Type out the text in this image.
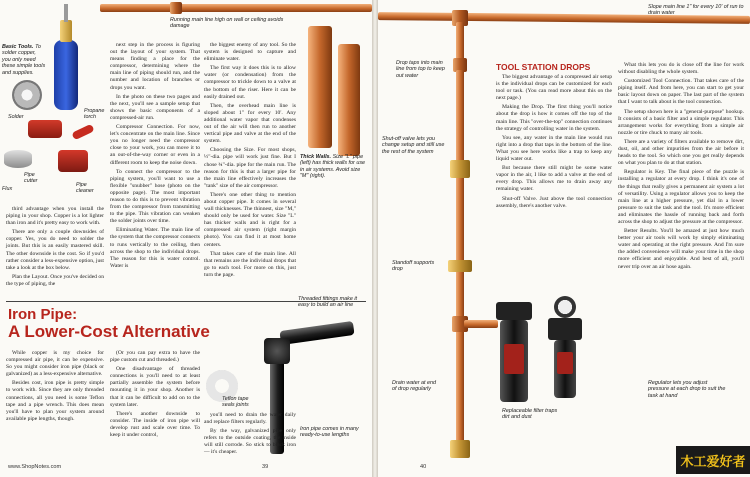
Basic Tools. To solder copper, you only need these simple tools and supplies.
Solder
Propane torch
Pipe cutter
Flux
Pipe cleaner
Running main line high on wall or ceiling avoids damage
Thick Walls. Size "L" pipe (left) has thick walls for use in air systems. Avoid size "M" (right).

third advantage when you install the piping in your shop. Copper is a lot lighter than iron and it's pretty easy to work with.

There are only a couple downsides of copper. Yes, you do need to solder the joints. But this is an easily mastered skill. The other downside is the cost. So if you'd rather consider a less-expensive option, just take a look at the box below.

Plan the Layout. Once you've decided on the type of piping, the

next step in the process is figuring out the layout of your system. That means finding a place for the compressor, determining where the main line of piping should run, and the number and location of branches or drops you want.

In the photo on these two pages and the next, you'll see a sample setup that shows the basic components of a compressed-air run.

Compressor Connection. For now, let's concentrate on the main line. Since you no longer need the compressor close to your work, you can move it to an out-of-the-way corner or even in a different room to keep the noise down.

To connect the compressor to the piping system, you'll want to use a flexible "snubber" hose (photo on the opposite page). The most important reason to do this is to prevent vibration from the compressor from transmitting to the pipe. This vibration can weaken the solder joints over time.

Eliminating Water. The main line of the system that the compressor connects to runs vertically to the ceiling, then across the shop to the individual drops. The reason for this is water control. Water is

the biggest enemy of any tool. So the system is designed to capture and eliminate water.

The first way it does this is to allow water (or condensation) from the compressor to trickle down to a valve at the bottom of the riser. Here it can be easily drained out.

Then, the overhead main line is sloped about 1" for every 10'. Any additional water vapor that condenses out of the air will then run to another vertical pipe and valve at the end of the system.

Choosing the Size. For most shops, ½"-dia. pipe will work just fine. But I chose ¾"-dia. pipe for the main run. The reason for this is that a larger pipe for the main line effectively increases the "tank" size of the air compressor.

There's one other thing to mention about copper pipe. It comes in several wall thicknesses. The thinnest, size "M," should only be used for water. Size "L" has thicker walls and is right for a compressed air system (right margin photo). You can find it at most home centers.

That takes care of the main line. All that remains are the individual drops that go to each tool. For more on this, just turn the page.

Iron Pipe:
A Lower-Cost Alternative
Threaded fittings make it easy to build an air line
Teflon tape seals joints
Iron pipe comes in many ready-to-use lengths

While copper is my choice for compressed air pipe, it can be expensive. So you might consider iron pipe (black or galvanized) as a less-expensive alternative.

Besides cost, iron pipe is pretty simple to work with. Since they are only threaded connections, all you need is some Teflon tape and a pipe wrench. This does mean you'll have to plan your system around available pipe lengths, though.

(Or you can pay extra to have the pipe custom cut and threaded.)

One disadvantage of threaded connections is you'll need to at least partially assemble the system before mounting it in your shop. Another is that it can be difficult to add on to the system later.

There's another downside to consider. The inside of iron pipe will develop rust and scale over time. To keep it under control,

you'll need to drain the water daily and replace filters regularly.

By the way, galvanized pipe only refers to the outside coating, the inside will still corrode. So stick to black iron — it's cheaper.

www.ShopNotes.com	39
Slope main line 1" for every 10' of run to drain water
Drop taps into main line from top to keep out water
Shut-off valve lets you change setup and still use the rest of the system
Standoff supports drop
Drain water at end of drop regularly
Replaceable filter traps dirt and dust
Regulator lets you adjust pressure at each drop to suit the task at hand
TOOL STATION DROPS

The biggest advantage of a compressed air setup is the individual drops can be customized for each tool or task. (You can read more about this on the next page.)

Making the Drop. The first thing you'll notice about the drop is how it comes off the top of the main line. This "over-the-top" connection continues the strategy of controlling water in the system.

You see, any water in the main line would run right into a drop that taps in the bottom of the line. What you see here works like a trap to keep any liquid water out.

But because there still might be some water vapor in the air, I like to add a valve at the end of every drop. This allows me to drain away any remaining water.

Shut-off Valve. Just above the tool connection assembly, there's another valve.

What this lets you do is close off the line for work without disabling the whole system.

Customized Tool Connection. That takes care of the piping itself. And from here, you can start to get your basic layout down on paper. The last part of the system that I want to talk about is the tool connection.

The setup shown here is a "general-purpose" hookup. It consists of a basic filter and a simple regulator. This arrangement works for everything from a simple air nozzle or tire chuck to many air tools.

There are a variety of filters available to remove dirt, dust, oil, and other impurities from the air before it heads to the tool. So which one you get really depends on what you plan to do at that station.

Regulator is Key. The final piece of the puzzle is installing a regulator at every drop. I think it's one of the things that really gives a permanent air system a lot of versatility. Using a regulator allows you to keep the main line at a higher pressure, yet dial in a lower pressure to suit the task and the tool. It's more efficient and eliminates the hassle of running back and forth across the shop to adjust the pressure at the compressor.

Better Results. You'll be amazed at just how much better your air tools will work by simply eliminating water and operating at the right pressure. And I'm sure the added convenience will make your time in the shop more efficient and enjoyable. And best of all, you'll never trip over an air hose again.

40	木工爱好者
